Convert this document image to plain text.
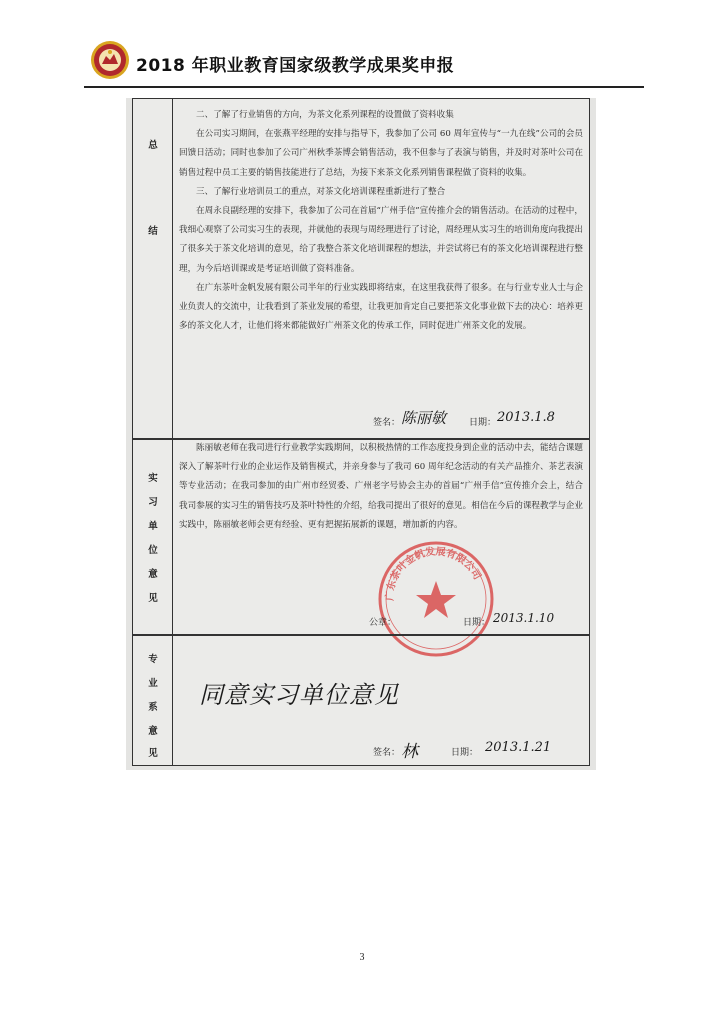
2018 年职业教育国家级教学成果奖申报
总
结

二、了解了行业销售的方向，为茶文化系列课程的设置做了资料收集

在公司实习期间，在张燕平经理的安排与指导下，我参加了公司 60 周年宣传与“一九在线”公司的会员回馈日活动；同时也参加了公司广州秋季茶博会销售活动，我不但参与了表演与销售，并及时对茶叶公司在销售过程中员工主要的销售技能进行了总结，为接下来茶文化系列销售课程做了资料的收集。

三、了解行业培训员工的重点，对茶文化培训课程重新进行了整合

在周永良副经理的安排下，我参加了公司在首届“广州手信”宣传推介会的销售活动。在活动的过程中，我细心观察了公司实习生的表现，并就他的表现与周经理进行了讨论，周经理从实习生的培训角度向我提出了很多关于茶文化培训的意见，给了我整合茶文化培训课程的想法，并尝试将已有的茶文化培训课程进行整理，为今后培训课或是考证培训做了资料准备。

在广东茶叶金帆发展有限公司半年的行业实践即将结束，在这里我获得了很多。在与行业专业人士与企业负责人的交流中，让我看到了茶业发展的希望，让我更加肯定自己要把茶文化事业做下去的决心：培养更多的茶文化人才，让他们将来都能做好广州茶文化的传承工作，同时促进广州茶文化的发展。

签名： 陈丽敏	日期： 2013.1.8
实
习
单
位
意
见

陈丽敏老师在我司进行行业教学实践期间，以积极热情的工作态度投身到企业的活动中去，能结合课题深入了解茶叶行业的企业运作及销售模式，并亲身参与了我司 60 周年纪念活动的有关产品推介、茶艺表演等专业活动；在我司参加的由广州市经贸委、广州老字号协会主办的首届“广州手信”宣传推介会上，结合我司参展的实习生的销售技巧及茶叶特性的介绍，给我司提出了很好的意见。相信在今后的课程教学与企业实践中，陈丽敏老师会更有经验、更有把握拓展新的课题，增加新的内容。

广东茶叶金帆发展有限公司
公章：	日期： 2013.1.10
专
业
系
意
见
同意实习单位意见
签名： 林	日期： 2013.1.21
3
